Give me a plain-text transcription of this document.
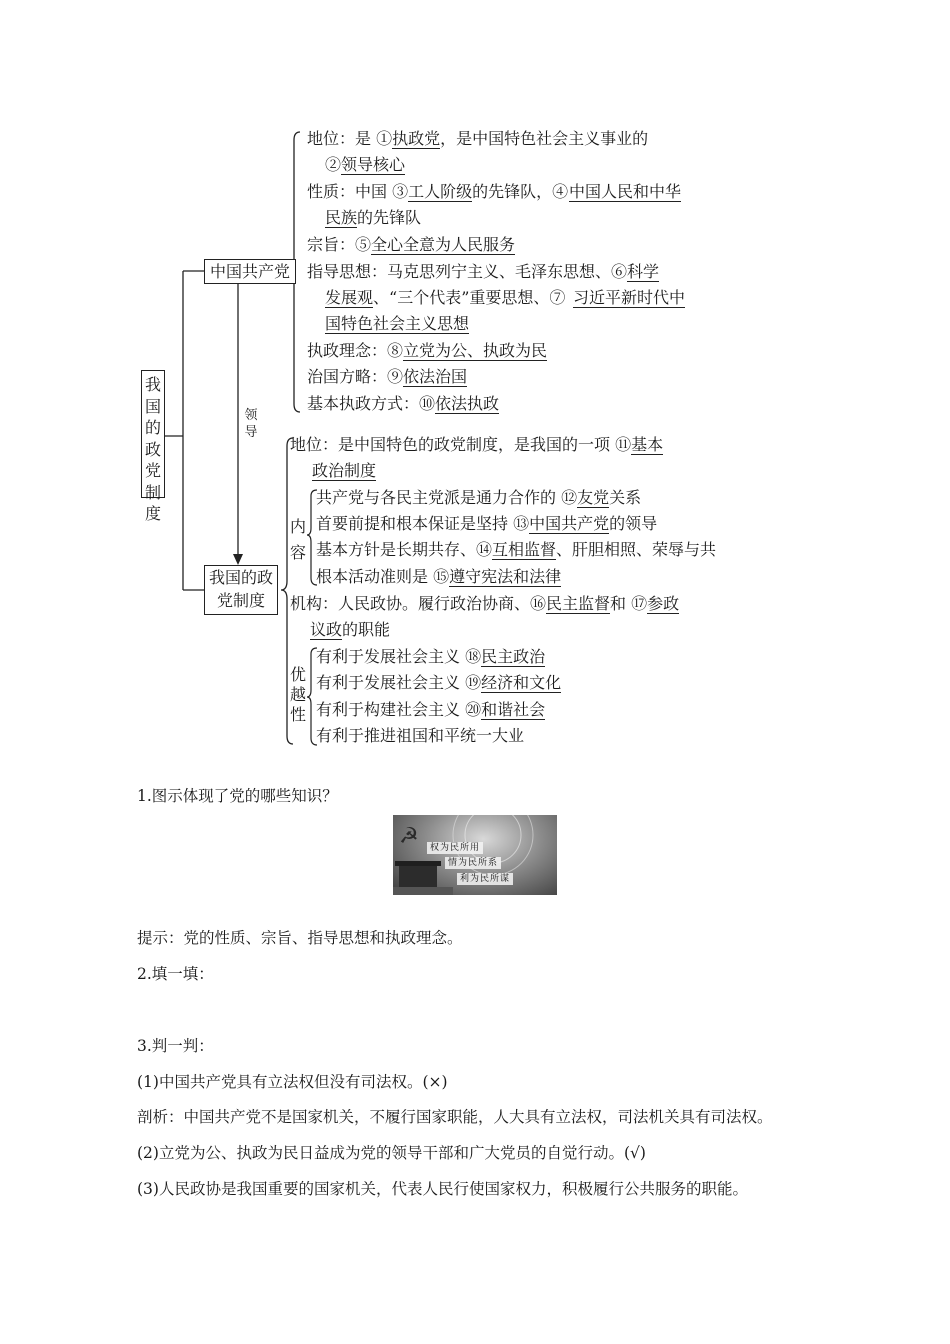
我
国
的
政
党
制
度
中国共产党
我国的政
党制度
领
导
地位：是 ①执政党，是中国特色社会主义事业的
②领导核心
性质：中国 ③工人阶级的先锋队，④ 中国人民和中华
民族的先锋队
宗旨：⑤全心全意为人民服务
指导思想：马克思列宁主义、毛泽东思想、⑥科学
发展观、“三个代表”重要思想、⑦ 习近平新时代中
国特色社会主义思想
执政理念：⑧立党为公、执政为民
治国方略：⑨依法治国
基本执政方式：⑩依法执政
地位：是中国特色的政党制度，是我国的一项 ⑪基本
政治制度
内
容
共产党与各民主党派是通力合作的 ⑫友党关系
首要前提和根本保证是坚持 ⑬中国共产党的领导
基本方针是长期共存、⑭互相监督、肝胆相照、荣辱与共
根本活动准则是 ⑮遵守宪法和法律
机构：人民政协。履行政治协商、⑯民主监督和 ⑰参政
议政的职能
优
越
性
有利于发展社会主义 ⑱民主政治
有利于发展社会主义 ⑲经济和文化
有利于构建社会主义 ⑳和谐社会
有利于推进祖国和平统一大业
1.图示体现了党的哪些知识？
☭	权为民所用
情为民所系
利为民所谋
提示：党的性质、宗旨、指导思想和执政理念。
2.填一填：
3.判一判：
(1)中国共产党具有立法权但没有司法权。(×)
剖析：中国共产党不是国家机关，不履行国家职能，人大具有立法权，司法机关具有司法权。
(2)立党为公、执政为民日益成为党的领导干部和广大党员的自觉行动。(√)
(3)人民政协是我国重要的国家机关，代表人民行使国家权力，积极履行公共服务的职能。
